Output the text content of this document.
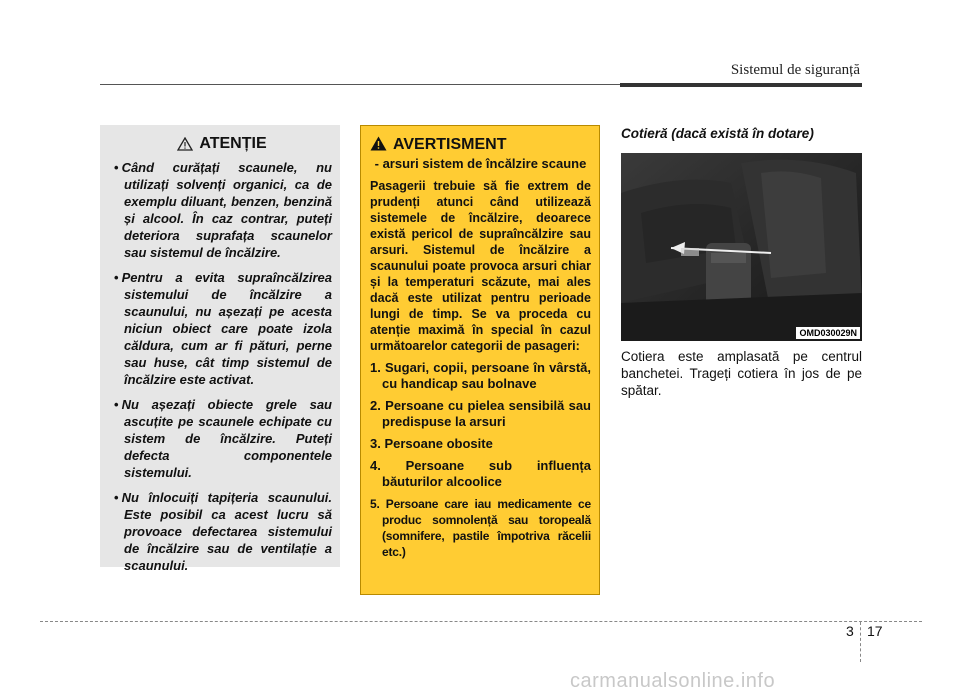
Sistemul de siguranță
ATENȚIE
• Când curățați scaunele, nu utilizați solvenți organici, ca de exemplu diluant, benzen, benzină și alcool. În caz contrar, puteți deteriora suprafața scaunelor sau sistemul de încălzire.
• Pentru a evita supraîncălzirea sistemului de încălzire a scaunului, nu așezați pe acesta niciun obiect care poate izola căldura, cum ar fi pături, perne sau huse, cât timp sistemul de încălzire este activat.
• Nu așezați obiecte grele sau ascuțite pe scaunele echipate cu sistem de încălzire. Puteți defecta componentele sistemului.
• Nu înlocuiți tapițeria scaunului. Este posibil ca acest lucru să provoace defectarea sistemului de încălzire sau de ventilație a scaunului.
AVERTISMENT
- arsuri sistem de încălzire scaune
Pasagerii trebuie să fie extrem de prudenți atunci când utilizează sistemele de încălzire, deoarece există pericol de supraîncălzire sau arsuri. Sistemul de încălzire a scaunului poate provoca arsuri chiar și la temperaturi scăzute, mai ales dacă este utilizat pentru perioade lungi de timp. Se va proceda cu atenție maximă în special în cazul următoarelor categorii de pasageri:
1. Sugari, copii, persoane în vârstă, cu handicap sau bolnave
2. Persoane cu pielea sensibilă sau predispuse la arsuri
3. Persoane obosite
4. Persoane sub influența băuturilor alcoolice
5. Persoane care iau medicamente ce produc somnolență sau toropeală (somnifere, pastile împotriva răcelii etc.)
Cotieră (dacă există în dotare)
OMD030029N
Cotiera este amplasată pe centrul banchetei. Trageți cotiera în jos de pe spătar.
3 17
carmanualsonline.info
